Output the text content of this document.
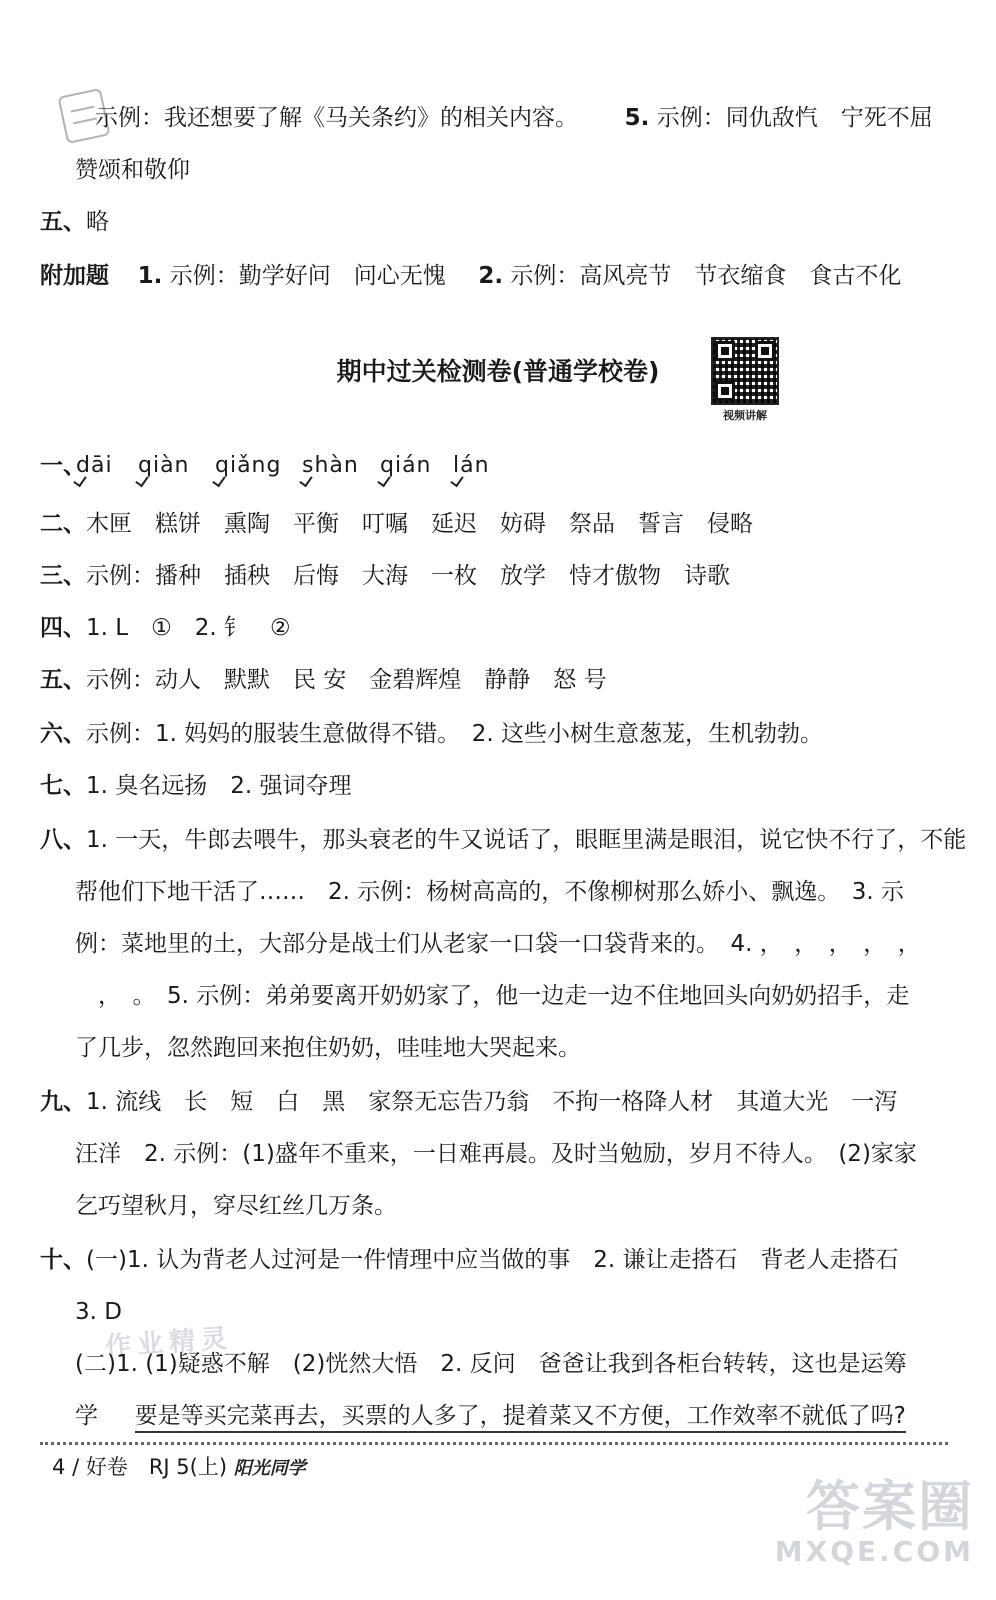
示例：我还想要了解《马关条约》的相关内容。 5. 示例：同仇敌忾　宁死不屈
赞颂和敬仰
五、略
附加题 1. 示例：勤学好问　问心无愧 2. 示例：高风亮节　节衣缩食　食古不化
期中过关检测卷(普通学校卷)
视频讲解
一、
dāi qiàn qiǎng shàn qián lán
二、木匣　糕饼　熏陶　平衡　叮嘱　延迟　妨碍　祭品　誓言　侵略
三、示例：播种　插秧　后悔　大海　一枚　放学　恃才傲物　诗歌
四、1. L　①　2. 钅　②
五、示例：动人　默默　民 安　金碧辉煌　静静　怒 号
六、示例：1. 妈妈的服装生意做得不错。　2. 这些小树生意葱茏，生机勃勃。
七、1. 臭名远扬　2. 强词夺理
八、1. 一天，牛郎去喂牛，那头衰老的牛又说话了，眼眶里满是眼泪，说它快不行了，不能
帮他们下地干活了……　2. 示例：杨树高高的，不像柳树那么娇小、飘逸。　3. 示
例：菜地里的土，大部分是战士们从老家一口袋一口袋背来的。　4. ，　，　，　，　，
　，　。　5. 示例：弟弟要离开奶奶家了，他一边走一边不住地回头向奶奶招手，走
了几步，忽然跑回来抱住奶奶，哇哇地大哭起来。
九、1. 流线　长　短　白　黑　家祭无忘告乃翁　不拘一格降人材　其道大光　一泻
汪洋　2. 示例：(1)盛年不重来，一日难再晨。及时当勉励，岁月不待人。　(2)家家
乞巧望秋月，穿尽红丝几万条。
十、(一)1. 认为背老人过河是一件情理中应当做的事　2. 谦让走搭石　背老人走搭石
3. D
作业精灵
(二)1. (1)疑惑不解　(2)恍然大悟　2. 反问　爸爸让我到各柜台转转，这也是运筹
学 要是等买完菜再去，买票的人多了，提着菜又不方便，工作效率不就低了吗?
4 / 好卷　RJ 5(上) 阳光同学
答案圈
MXQE.COM
